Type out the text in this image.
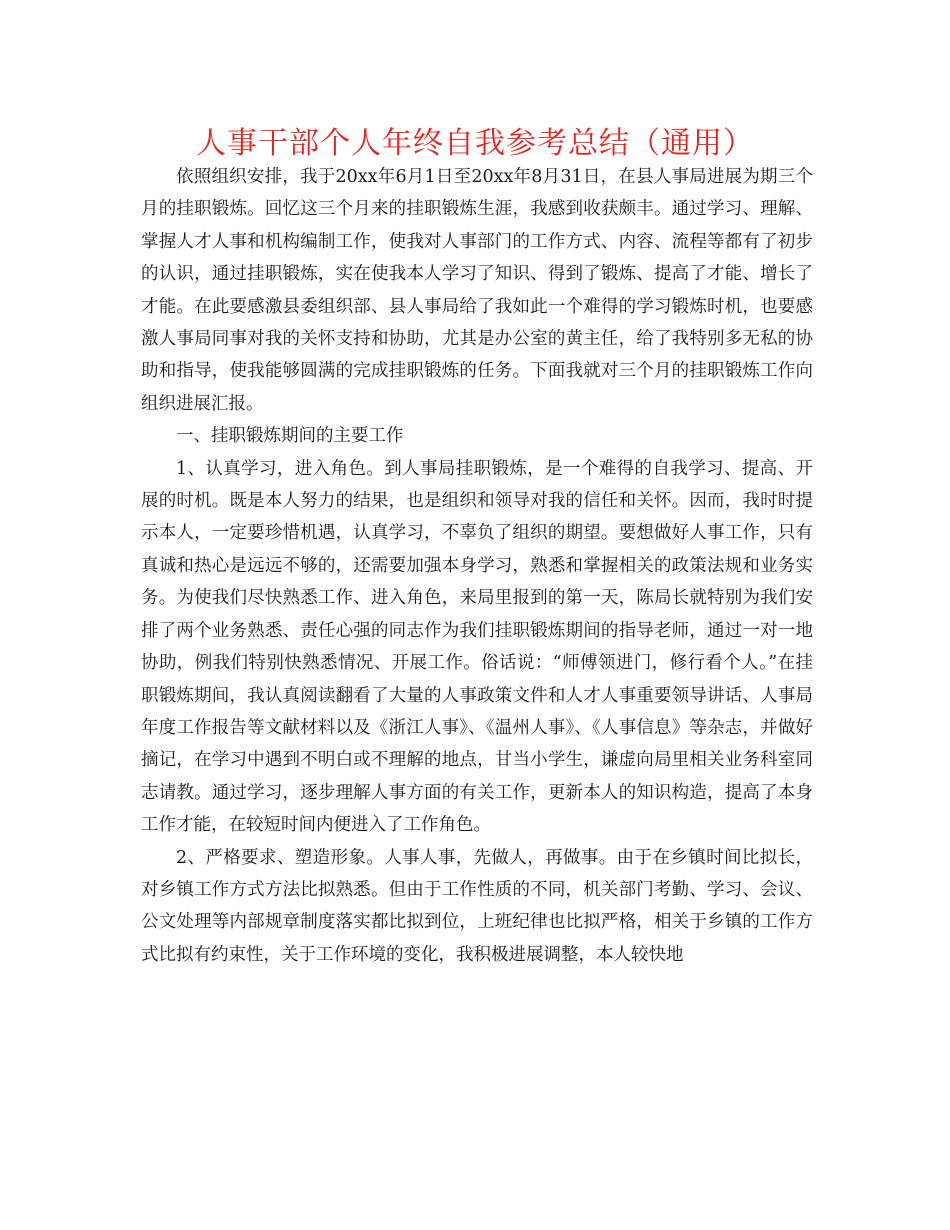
人事干部个人年终自我参考总结（通用）

依照组织安排，我于20xx年6月1日至20xx年8月31日，在县人事局进展为期三个月的挂职锻炼。回忆这三个月来的挂职锻炼生涯，我感到收获颇丰。通过学习、理解、掌握人才人事和机构编制工作，使我对人事部门的工作方式、内容、流程等都有了初步的认识，通过挂职锻炼，实在使我本人学习了知识、得到了锻炼、提高了才能、增长了才能。在此要感激县委组织部、县人事局给了我如此一个难得的学习锻炼时机，也要感激人事局同事对我的关怀支持和协助，尤其是办公室的黄主任，给了我特别多无私的协助和指导，使我能够圆满的完成挂职锻炼的任务。下面我就对三个月的挂职锻炼工作向组织进展汇报。

一、挂职锻炼期间的主要工作

1、认真学习，进入角色。到人事局挂职锻炼，是一个难得的自我学习、提高、开展的时机。既是本人努力的结果，也是组织和领导对我的信任和关怀。因而，我时时提示本人，一定要珍惜机遇，认真学习，不辜负了组织的期望。要想做好人事工作，只有真诚和热心是远远不够的，还需要加强本身学习，熟悉和掌握相关的政策法规和业务实务。为使我们尽快熟悉工作、进入角色，来局里报到的第一天，陈局长就特别为我们安排了两个业务熟悉、责任心强的同志作为我们挂职锻炼期间的指导老师，通过一对一地协助，例我们特别快熟悉情况、开展工作。俗话说：“师傅领进门，修行看个人。”在挂职锻炼期间，我认真阅读翻看了大量的人事政策文件和人才人事重要领导讲话、人事局年度工作报告等文献材料以及《浙江人事》、《温州人事》、《人事信息》等杂志，并做好摘记，在学习中遇到不明白或不理解的地点，甘当小学生，谦虚向局里相关业务科室同志请教。通过学习，逐步理解人事方面的有关工作，更新本人的知识构造，提高了本身工作才能，在较短时间内便进入了工作角色。

2、严格要求、塑造形象。人事人事，先做人，再做事。由于在乡镇时间比拟长，对乡镇工作方式方法比拟熟悉。但由于工作性质的不同，机关部门考勤、学习、会议、公文处理等内部规章制度落实都比拟到位，上班纪律也比拟严格，相关于乡镇的工作方式比拟有约束性，关于工作环境的变化，我积极进展调整，本人较快地
